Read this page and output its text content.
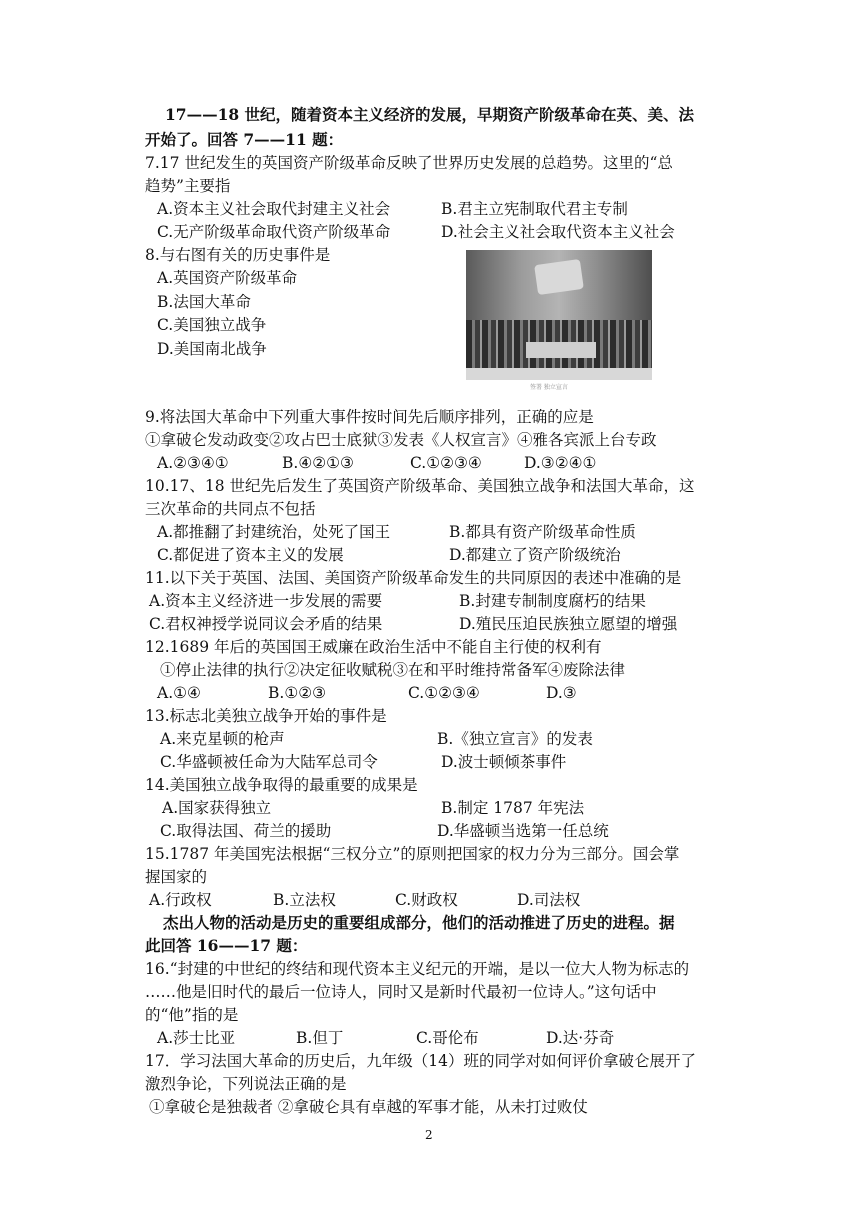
17——18 世纪，随着资本主义经济的发展，早期资产阶级革命在英、美、法
开始了。回答 7——11 题：
7.17 世纪发生的英国资产阶级革命反映了世界历史发展的总趋势。这里的“总
趋势”主要指
A.资本主义社会取代封建主义社会	B.君主立宪制取代君主专制
C.无产阶级革命取代资产阶级革命	D.社会主义社会取代资本主义社会
8.与右图有关的历史事件是
A.英国资产阶级革命
B.法国大革命
C.美国独立战争
D.美国南北战争
签署 独立宣言
9.将法国大革命中下列重大事件按时间先后顺序排列，正确的应是
①拿破仑发动政变②攻占巴士底狱③发表《人权宣言》④雅各宾派上台专政
A.②③④①	B.④②①③	C.①②③④	D.③②④①
10.17、18 世纪先后发生了英国资产阶级革命、美国独立战争和法国大革命，这
三次革命的共同点不包括
A.都推翻了封建统治，处死了国王	B.都具有资产阶级革命性质
C.都促进了资本主义的发展	D.都建立了资产阶级统治
11.以下关于英国、法国、美国资产阶级革命发生的共同原因的表述中准确的是
A.资本主义经济进一步发展的需要	B.封建专制制度腐朽的结果
C.君权神授学说同议会矛盾的结果	D.殖民压迫民族独立愿望的增强
12.1689 年后的英国国王威廉在政治生活中不能自主行使的权利有
①停止法律的执行②决定征收赋税③在和平时维持常备军④废除法律
A.①④	B.①②③	C.①②③④	D.③
13.标志北美独立战争开始的事件是
A.来克星顿的枪声	B.《独立宣言》的发表
C.华盛顿被任命为大陆军总司令	D.波士顿倾茶事件
14.美国独立战争取得的最重要的成果是
A.国家获得独立	B.制定 1787 年宪法
C.取得法国、荷兰的援助	D.华盛顿当选第一任总统
15.1787 年美国宪法根据“三权分立”的原则把国家的权力分为三部分。国会掌
握国家的
A.行政权	B.立法权	C.财政权	D.司法权
杰出人物的活动是历史的重要组成部分，他们的活动推进了历史的进程。据
此回答 16——17 题：
16.“封建的中世纪的终结和现代资本主义纪元的开端，是以一位大人物为标志的
……他是旧时代的最后一位诗人，同时又是新时代最初一位诗人。”这句话中
的“他”指的是
A.莎士比亚	B.但丁	C.哥伦布	D.达·芬奇
17．学习法国大革命的历史后，九年级（14）班的同学对如何评价拿破仑展开了
激烈争论，下列说法正确的是
①拿破仑是独裁者 ②拿破仑具有卓越的军事才能，从未打过败仗
2
